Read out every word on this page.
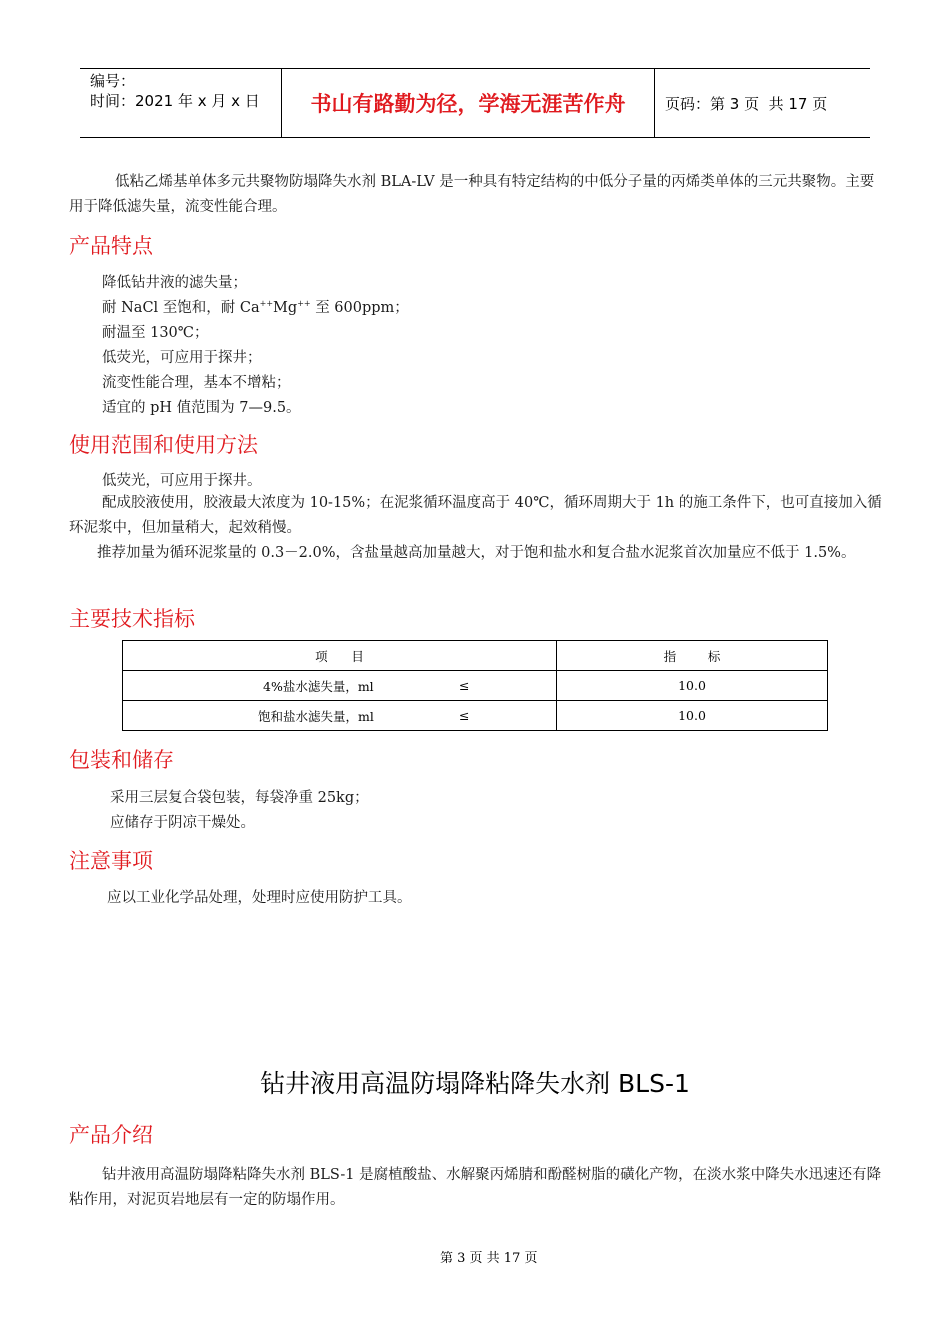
编号：
时间：2021 年 x 月 x 日	书山有路勤为径，学海无涯苦作舟	页码：第 3 页  共 17 页
低粘乙烯基单体多元共聚物防塌降失水剂 BLA-LV 是一种具有特定结构的中低分子量的丙烯类单体的三元共聚物。主要用于降低滤失量，流变性能合理。
产品特点
降低钻井液的滤失量；
耐 NaCl 至饱和，耐 Ca++Mg++ 至 600ppm；
耐温至 130℃；
低荧光，可应用于探井；
流变性能合理，基本不增粘；
适宜的 pH 值范围为 7—9.5。
使用范围和使用方法
低荧光，可应用于探井。
配成胶液使用，胶液最大浓度为 10-15%；在泥浆循环温度高于 40℃，循环周期大于 1h 的施工条件下，也可直接加入循环泥浆中，但加量稍大，起效稍慢。
推荐加量为循环泥浆量的 0.3－2.0%，含盐量越高加量越大，对于饱和盐水和复合盐水泥浆首次加量应不低于 1.5%。
主要技术指标
项      目	指        标

4%盐水滤失量，ml ≤	10.0

饱和盐水滤失量，ml ≤	10.0
包装和储存
采用三层复合袋包装，每袋净重 25kg；
应储存于阴凉干燥处。
注意事项
应以工业化学品处理，处理时应使用防护工具。
钻井液用高温防塌降粘降失水剂 BLS-1
产品介绍
钻井液用高温防塌降粘降失水剂 BLS-1 是腐植酸盐、水解聚丙烯腈和酚醛树脂的磺化产物，在淡水浆中降失水迅速还有降粘作用，对泥页岩地层有一定的防塌作用。
第 3 页 共 17 页
